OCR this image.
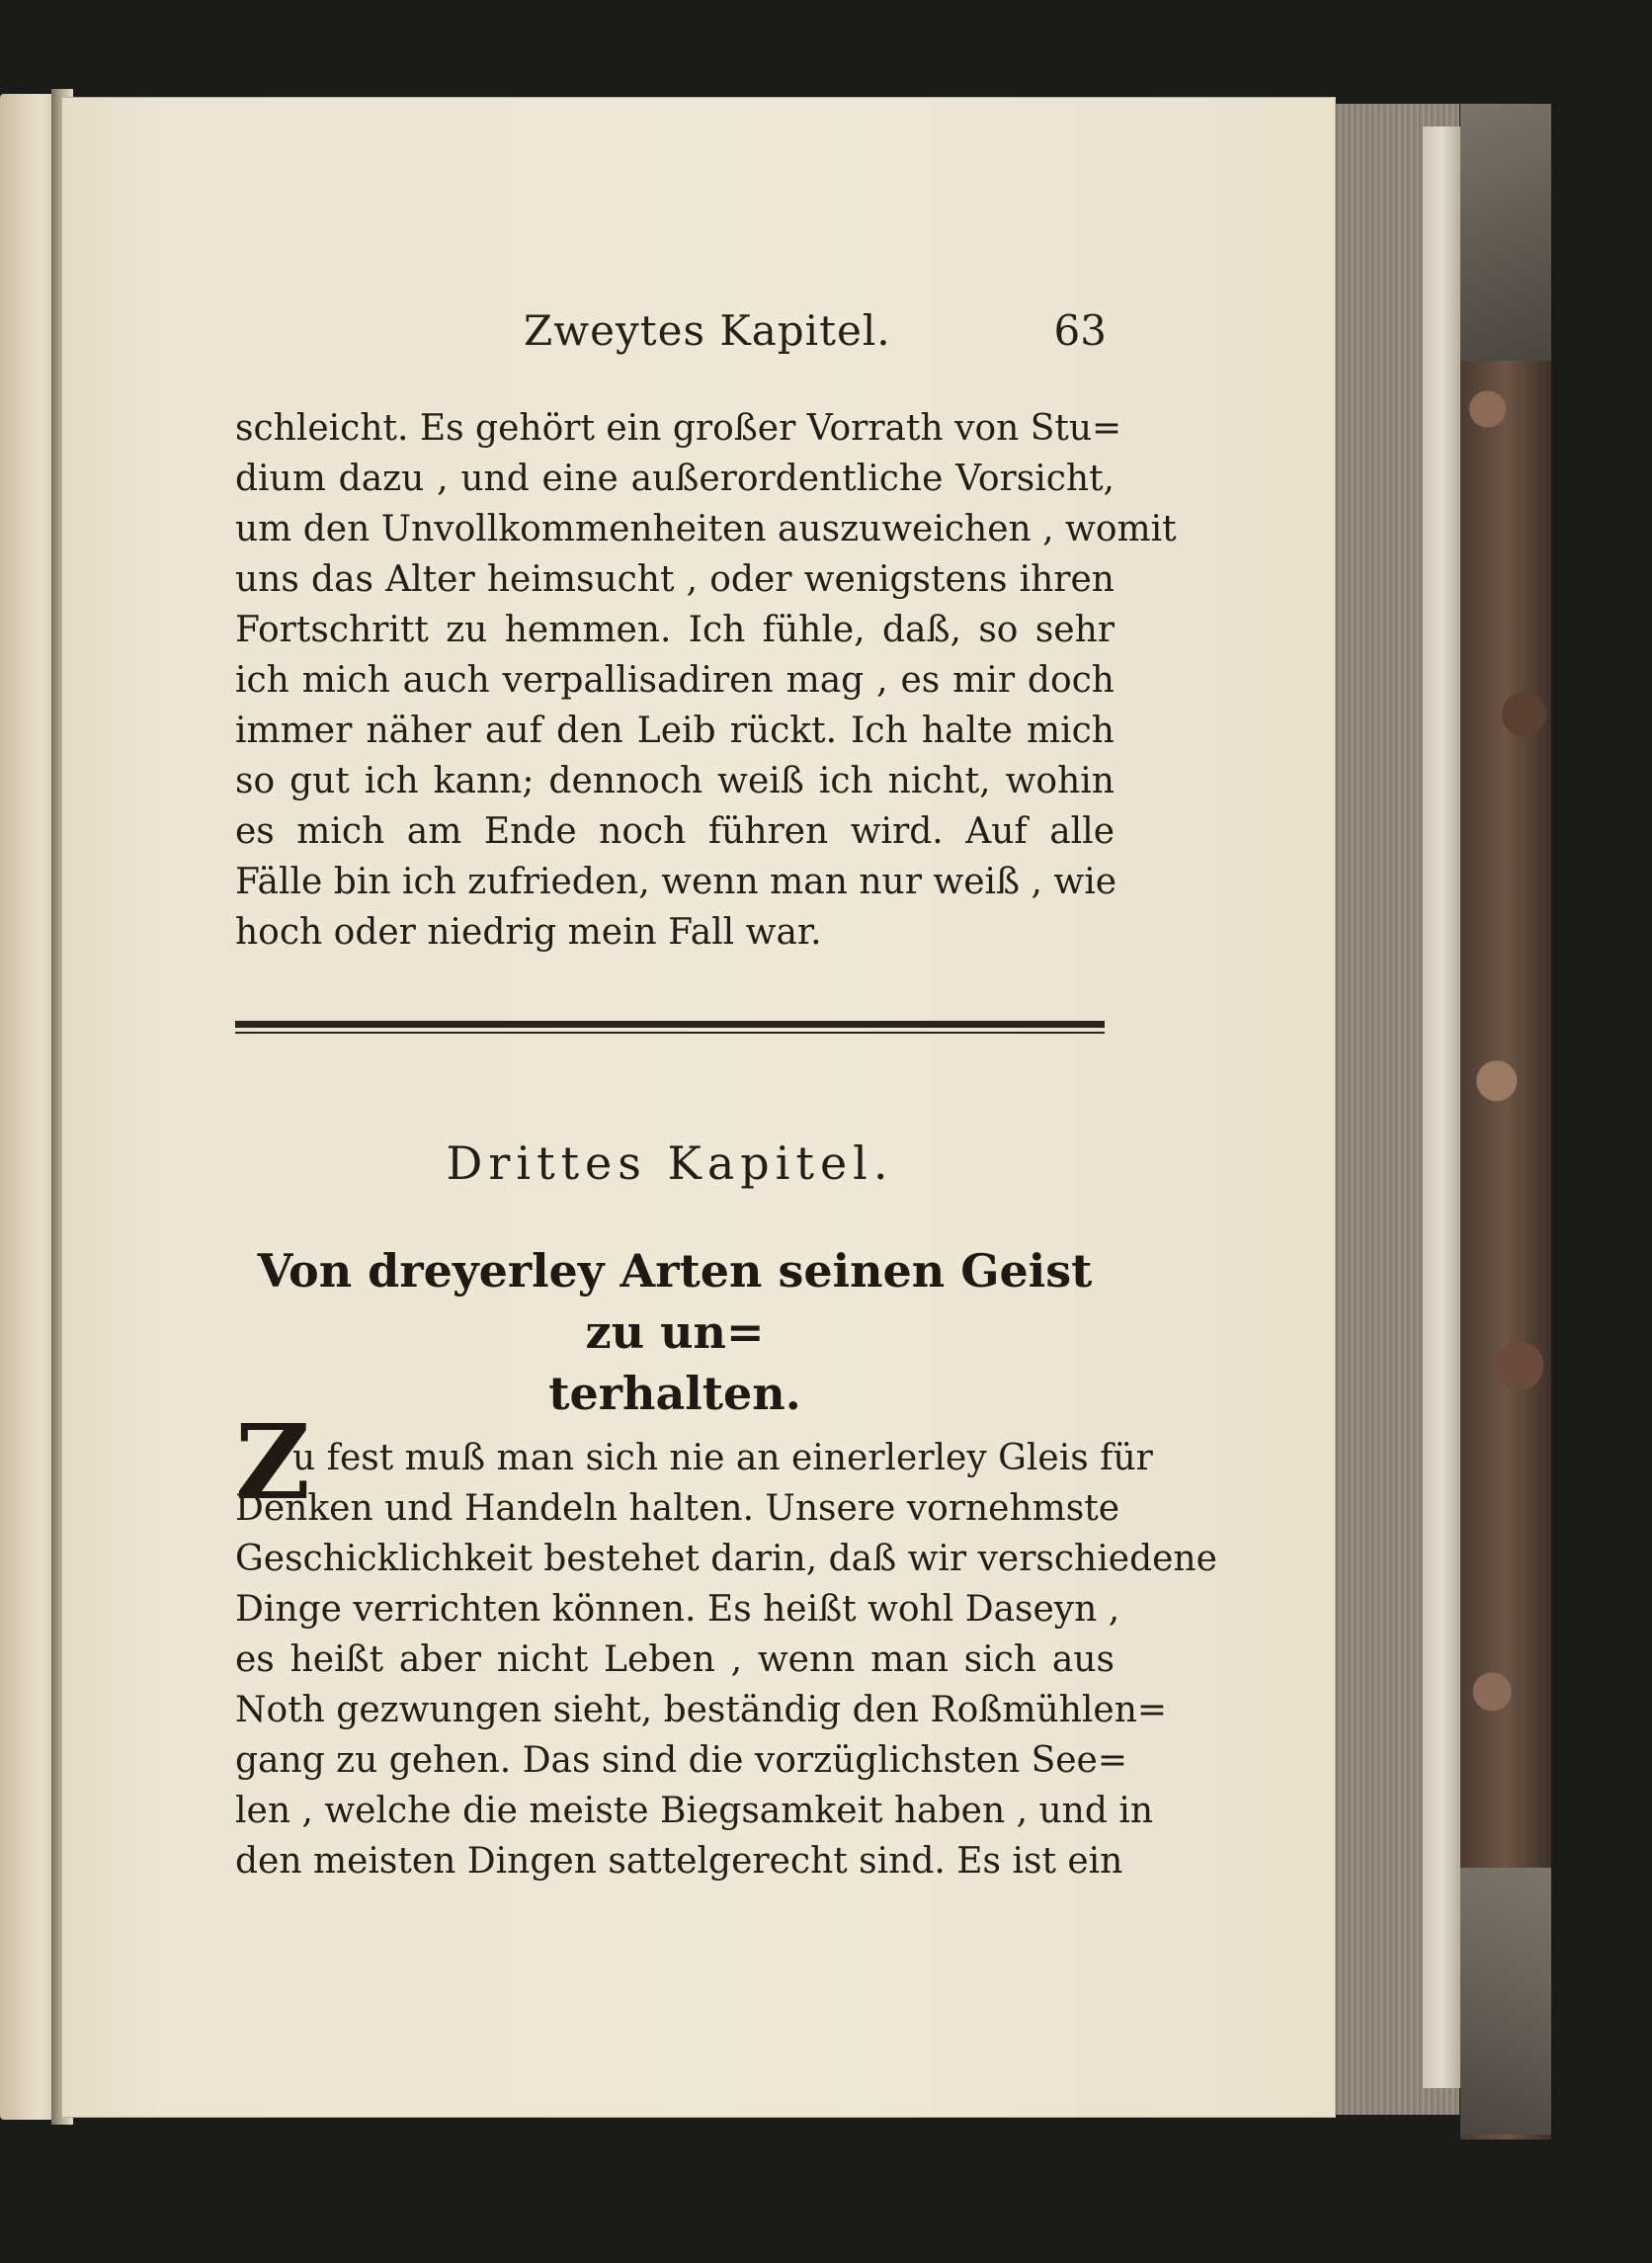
Zweytes Kapitel.	63
schleicht. Es gehört ein großer Vorrath von Stu=
dium dazu , und eine außerordentliche Vorsicht,
um den Unvollkommenheiten auszuweichen , womit
uns das Alter heimsucht , oder wenigstens ihren
Fortschritt zu hemmen. Ich fühle, daß, so sehr
ich mich auch verpallisadiren mag , es mir doch
immer näher auf den Leib rückt. Ich halte mich
so gut ich kann; dennoch weiß ich nicht, wohin
es mich am Ende noch führen wird. Auf alle
Fälle bin ich zufrieden, wenn man nur weiß , wie
hoch oder niedrig mein Fall war.
Drittes Kapitel.
Von dreyerley Arten seinen Geist zu un=
terhalten.
Z
u fest muß man sich nie an einerlerley Gleis für
Denken und Handeln halten. Unsere vornehmste
Geschicklichkeit bestehet darin, daß wir verschiedene
Dinge verrichten können. Es heißt wohl Daseyn ,
es heißt aber nicht Leben , wenn man sich aus
Noth gezwungen sieht, beständig den Roßmühlen=
gang zu gehen. Das sind die vorzüglichsten See=
len , welche die meiste Biegsamkeit haben , und in
den meisten Dingen sattelgerecht sind. Es ist ein
